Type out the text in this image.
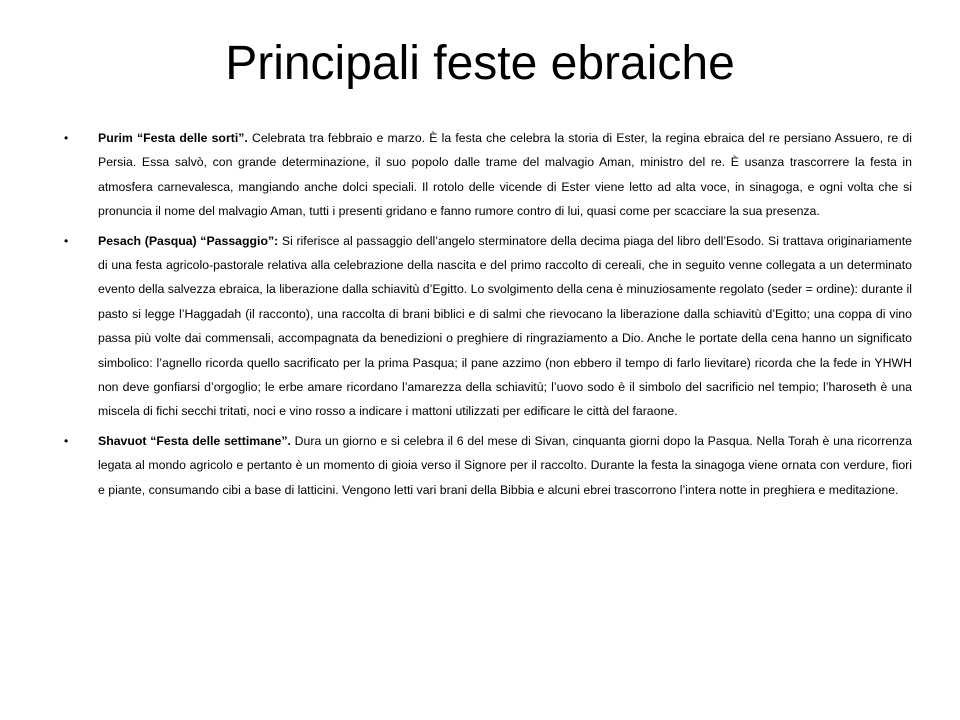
Principali feste ebraiche
• Purim “Festa delle sorti”. Celebrata tra febbraio e marzo. È la festa che celebra la storia di Ester, la regina ebraica del re persiano Assuero, re di Persia. Essa salvò, con grande determinazione, il suo popolo dalle trame del malvagio Aman, ministro del re. È usanza trascorrere la festa in atmosfera carnevalesca, mangiando anche dolci speciali. Il rotolo delle vicende di Ester viene letto ad alta voce, in sinagoga, e ogni volta che si pronuncia il nome del malvagio Aman, tutti i presenti gridano e fanno rumore contro di lui, quasi come per scacciare la sua presenza.
• Pesach (Pasqua) “Passaggio”: Si riferisce al passaggio dell’angelo sterminatore della decima piaga del libro dell’Esodo. Si trattava originariamente di una festa agricolo-pastorale relativa alla celebrazione della nascita e del primo raccolto di cereali, che in seguito venne collegata a un determinato evento della salvezza ebraica, la liberazione dalla schiavitù d’Egitto. Lo svolgimento della cena è minuziosamente regolato (seder = ordine): durante il pasto si legge l’Haggadah (il racconto), una raccolta di brani biblici e di salmi che rievocano la liberazione dalla schiavitù d’Egitto; una coppa di vino passa più volte dai commensali, accompagnata da benedizioni o preghiere di ringraziamento a Dio. Anche le portate della cena hanno un significato simbolico: l’agnello ricorda quello sacrificato per la prima Pasqua; il pane azzimo (non ebbero il tempo di farlo lievitare) ricorda che la fede in YHWH non deve gonfiarsi d’orgoglio; le erbe amare ricordano l’amarezza della schiavitù; l’uovo sodo è il simbolo del sacrificio nel tempio; l’haroseth è una miscela di fichi secchi tritati, noci e vino rosso a indicare i mattoni utilizzati per edificare le città del faraone.
• Shavuot “Festa delle settimane”. Dura un giorno e si celebra il 6 del mese di Sivan, cinquanta giorni dopo la Pasqua. Nella Torah è una ricorrenza legata al mondo agricolo e pertanto è un momento di gioia verso il Signore per il raccolto. Durante la festa la sinagoga viene ornata con verdure, fiori e piante, consumando cibi a base di latticini. Vengono letti vari brani della Bibbia e alcuni ebrei trascorrono l’intera notte in preghiera e meditazione.
